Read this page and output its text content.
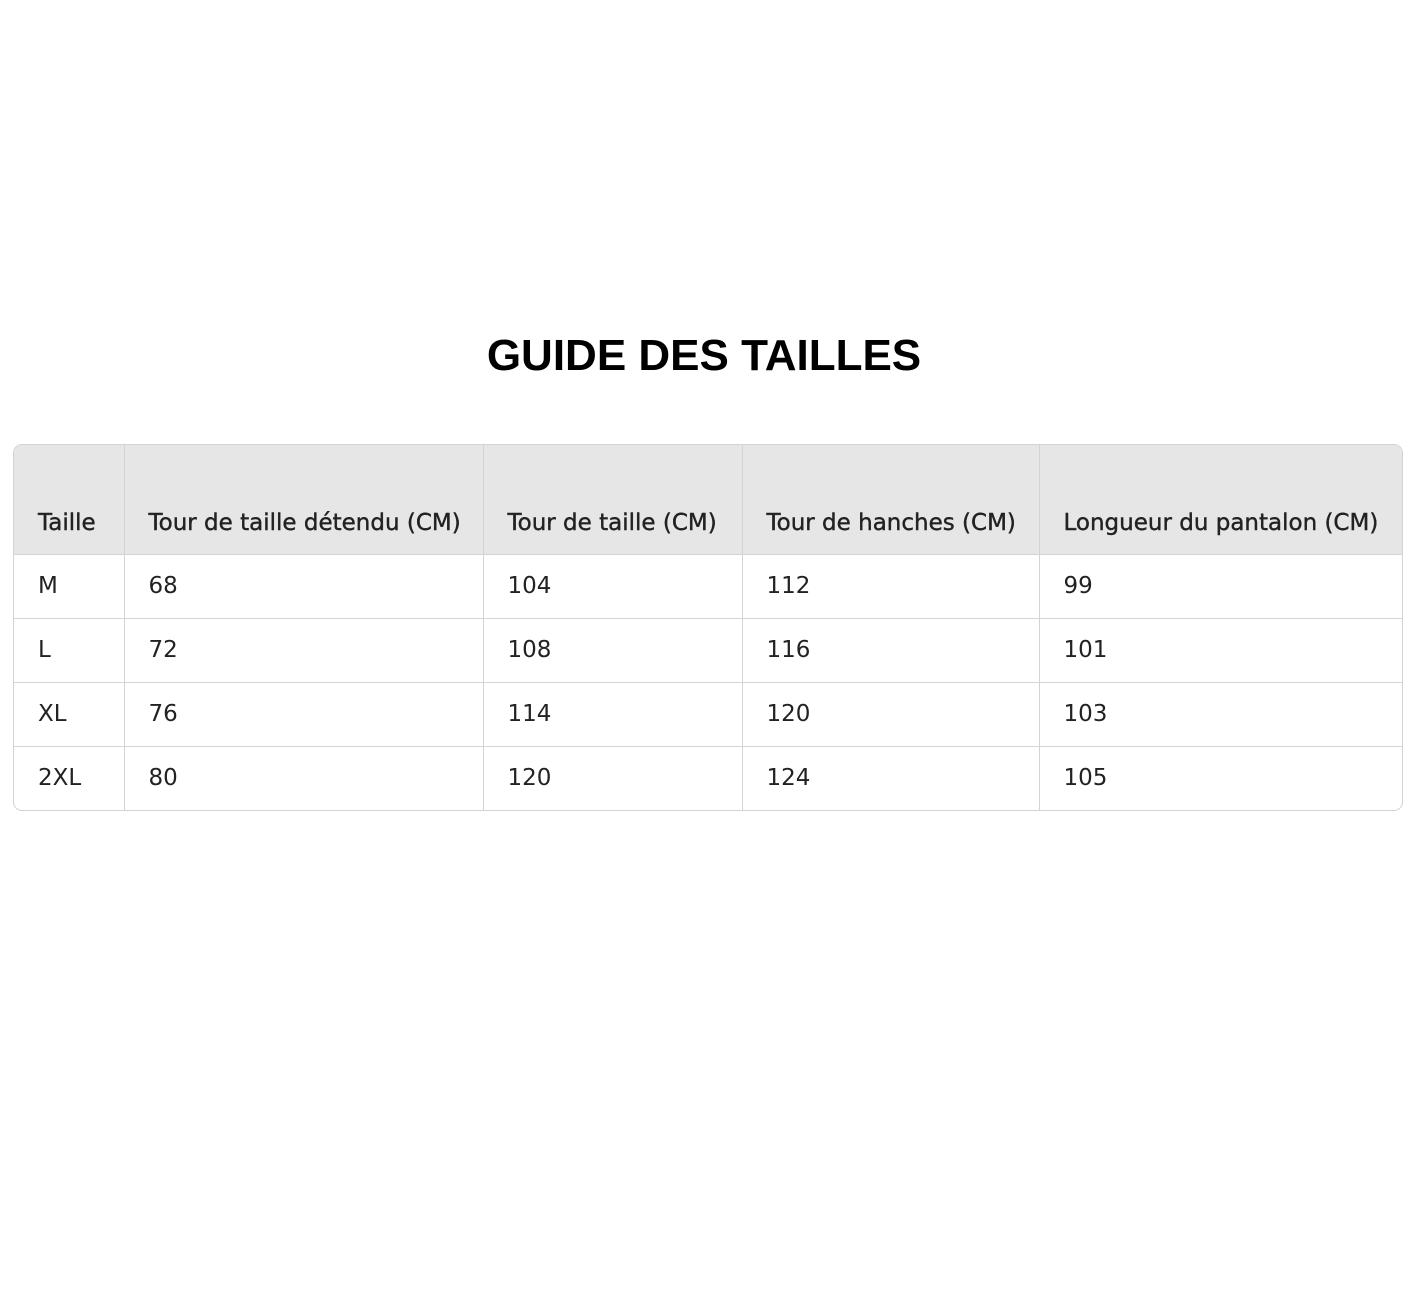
GUIDE DES TAILLES
Taille	Tour de taille détendu (CM)	Tour de taille (CM)	Tour de hanches (CM)	Longueur du pantalon (CM)
M	68	104	112	99
L	72	108	116	101
XL	76	114	120	103
2XL	80	120	124	105
